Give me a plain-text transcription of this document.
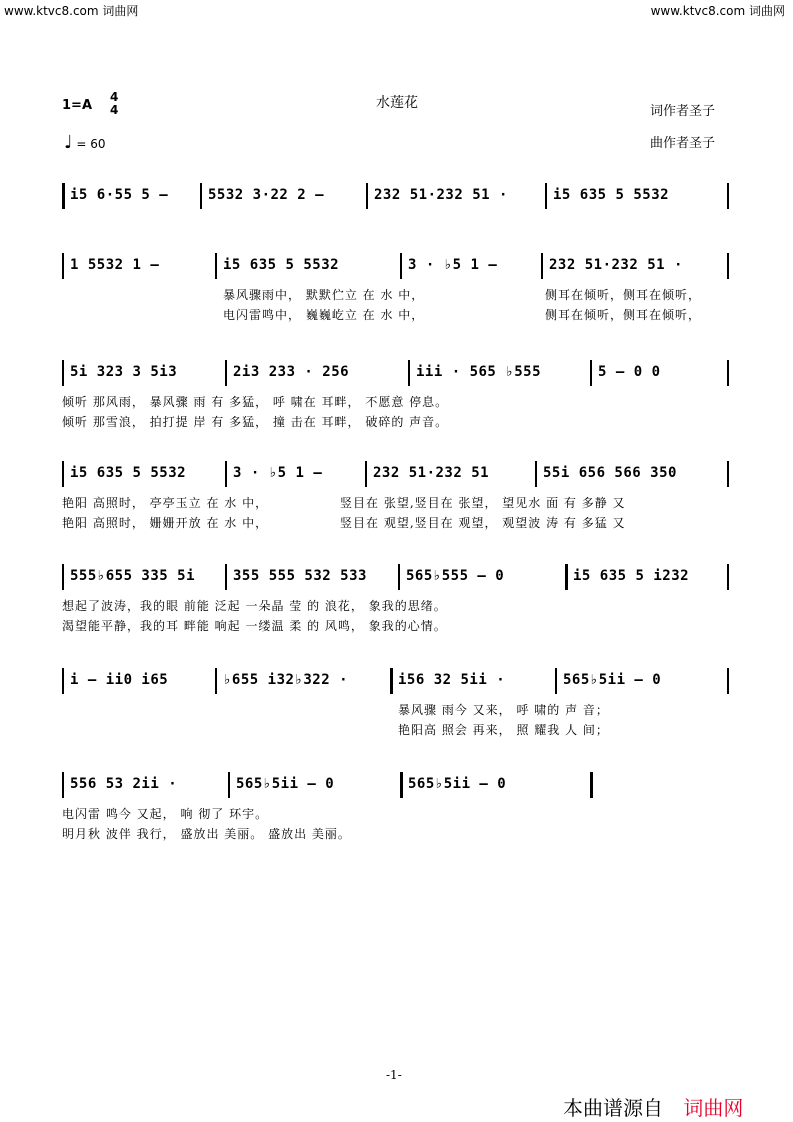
www.ktvc8.com 词曲网	www.ktvc8.com 词曲网
1=A
4
4	水莲花
词作者圣子
♩ = 60	曲作者圣子
i5 6·55 5 –	5532 3·22 2 –	232 51·232 51 ·	i5 635 5 5532
1 5532 1 –	i5 635 5 5532	3 · ♭5 1 –	232 51·232 51 ·
暴风骤雨中， 默默伫立 在 水 中，	侧耳在倾听，侧耳在倾听，
电闪雷鸣中， 巍巍屹立 在 水 中，	侧耳在倾听，侧耳在倾听，
5i 323 3 5i3	2i3 233 · 256	iii · 565 ♭555	5 – 0 0
倾听 那风雨， 暴风骤 雨 有 多猛， 呼 啸在 耳畔， 不愿意 停息。
倾听 那雪浪， 拍打提 岸 有 多猛， 撞 击在 耳畔， 破碎的 声音。
i5 635 5 5532	3 · ♭5 1 –	232 51·232 51	55i 656 566 350
艳阳 高照时， 亭亭玉立 在 水 中，	竖目在 张望,竖目在 张望， 望见水 面 有 多静 又
艳阳 高照时， 姗姗开放 在 水 中，	竖目在 观望,竖目在 观望， 观望波 涛 有 多猛 又
555♭655 335 5i	355 555 532 533	565♭555 – 0	i5 635 5 i232
想起了波涛，我的眼 前能 泛起 一朵晶 莹 的 浪花， 象我的思绪。
渴望能平静，我的耳 畔能 响起 一缕温 柔 的 风鸣， 象我的心情。
i – ii0 i65	♭655 i32♭322 ·	i56 32 5ii ·	565♭5ii – 0
暴风骤 雨今 又来， 呼 啸的 声 音；
艳阳高 照会 再来， 照 耀我 人 间；
556 53 2ii ·	565♭5ii – 0	565♭5ii – 0
电闪雷 鸣今 又起， 响 彻了 环宇。
明月秋 波伴 我行， 盛放出 美丽。 盛放出 美丽。
-1-
本曲谱源自 词曲网
